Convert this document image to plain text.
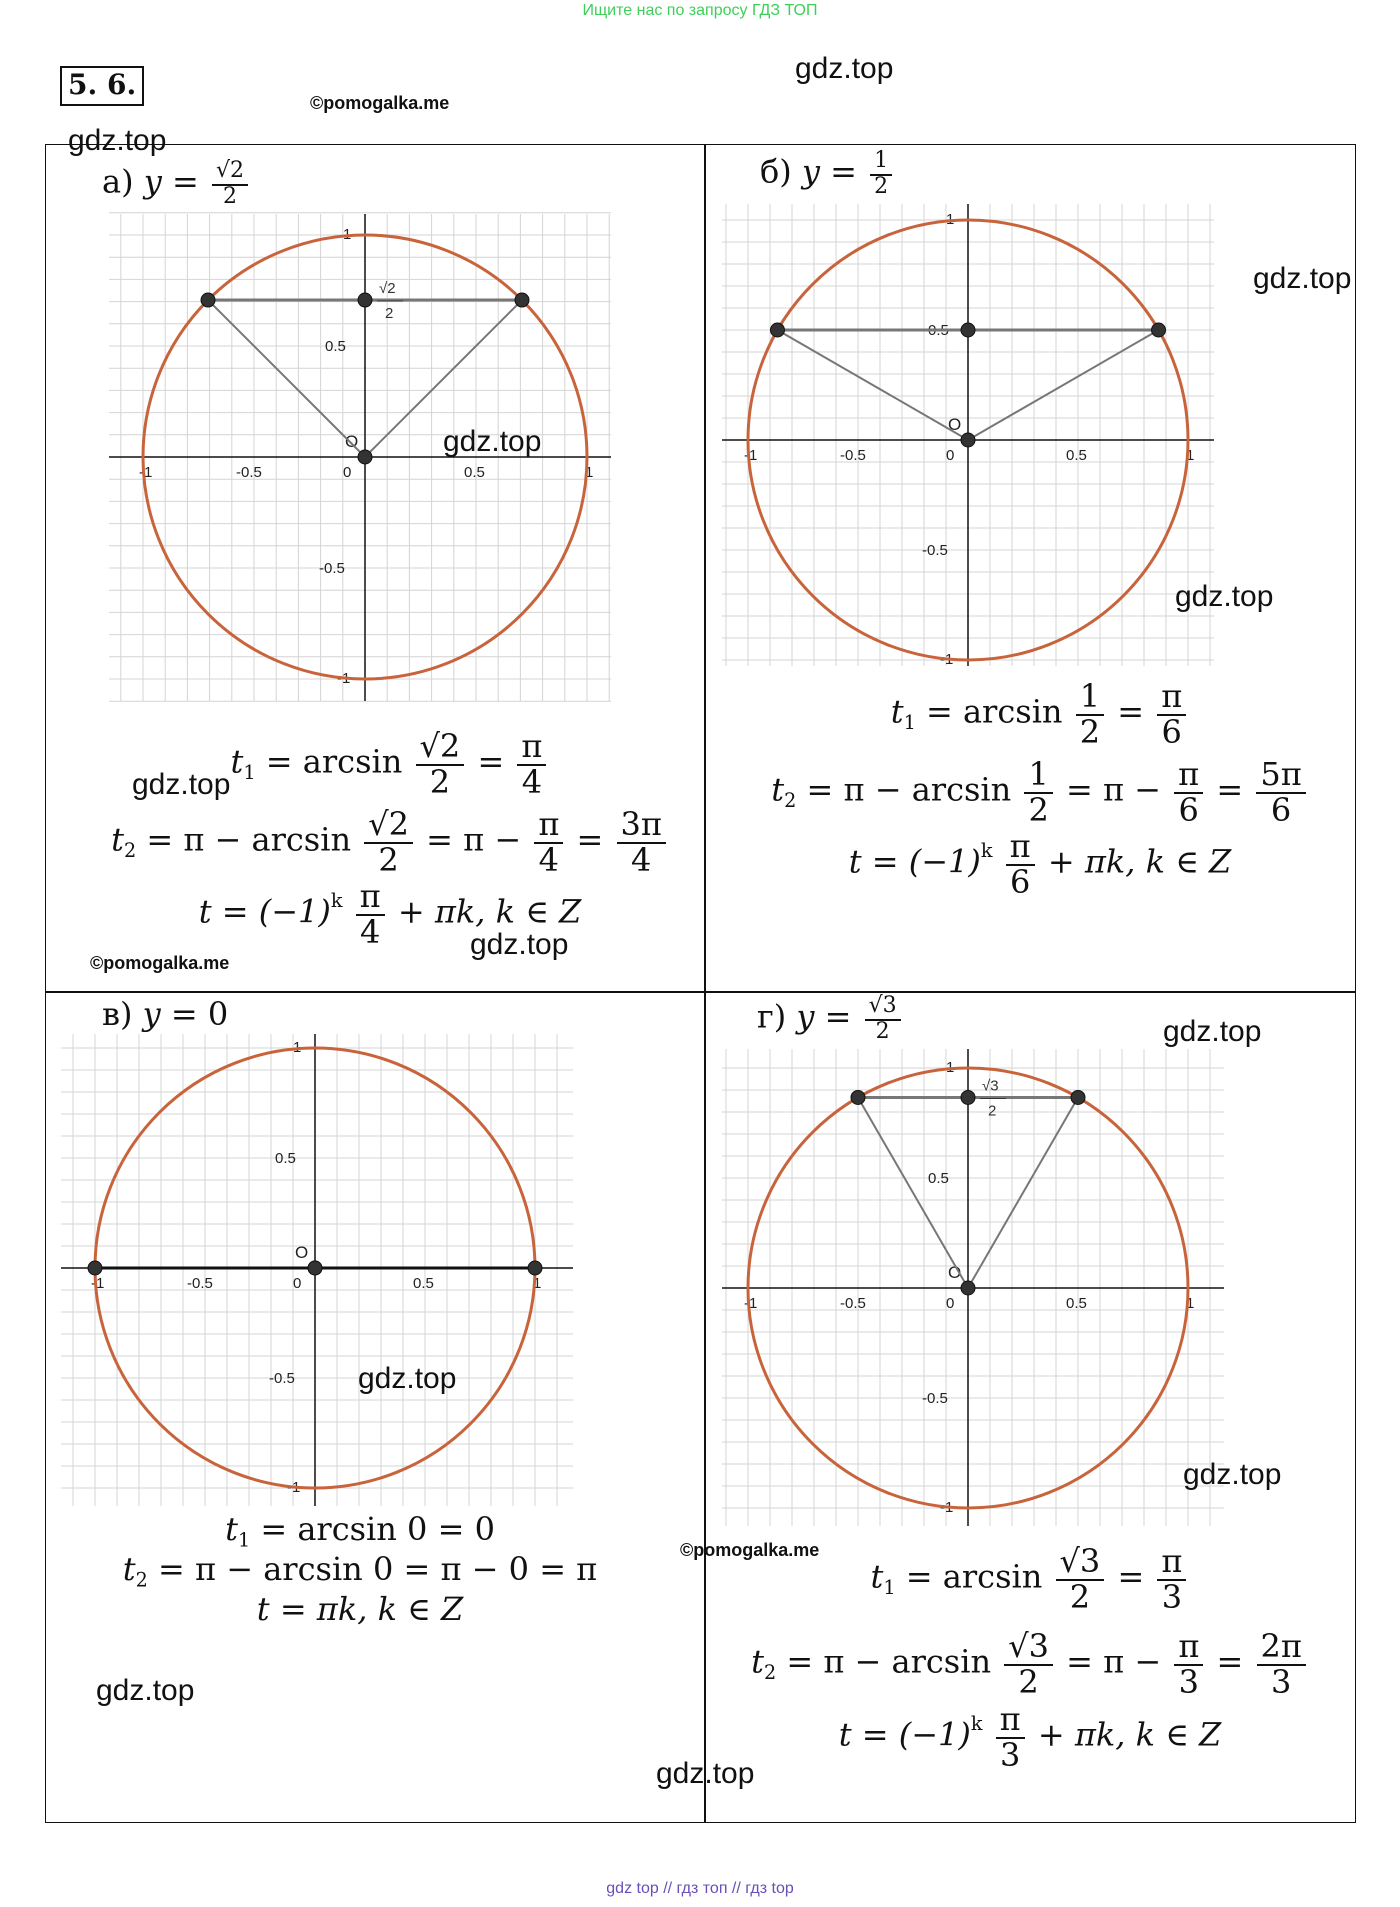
Ищите нас по запросу ГДЗ ТОП
5. 6.	gdz.top
©pomogalka.me
gdz.top
а) $y = \frac{√2}{2}$
-1	-0.5	0	0.5	1
1
0.5
-0.5
-1
O
√2
2
$t_1 = \arcsin \frac{√2}{2} = \frac{\pi}{4}$
$t_2 = \pi - \arcsin \frac{√2}{2} = \pi - \frac{\pi}{4} = \frac{3\pi}{4}$
$t = (-1)^k \frac{\pi}{4} + \pi k$, k ∈ Z
gdz.top
gdz.top
©pomogalka.me
gdz.top
б) $y = \frac{1}{2}$
-1	-0.5	0	0.5	1
1
0.5
-0.5
-1
O
$t_1 = \arcsin \frac{1}{2} = \frac{\pi}{6}$
$t_2 = \pi - \arcsin \frac{1}{2} = \pi - \frac{\pi}{6} = \frac{5\pi}{6}$
$t = (-1)^k \frac{\pi}{6} + \pi k$, k ∈ Z
gdz.top
gdz.top
в) y = 0
-1	-0.5	0	0.5	1
1
0.5
-0.5
-1
O
$t_1 = \arcsin 0 = 0$
$t_2 = \pi - \arcsin 0 = \pi - 0 = \pi$
t = πk, k ∈ Z
gdz.top
gdz.top
gdz.top
г) $y = \frac{√3}{2}$
-1	-0.5	0	0.5	1
1
0.5
-0.5
-1
O
√3
2
gdz.top
gdz.top
©pomogalka.me
$t_1 = \arcsin \frac{√3}{2} = \frac{\pi}{3}$
$t_2 = \pi - \arcsin \frac{√3}{2} = \pi - \frac{\pi}{3} = \frac{2\pi}{3}$
$t = (-1)^k \frac{\pi}{3} + \pi k$, k ∈ Z
gdz top // гдз топ // гдз top
